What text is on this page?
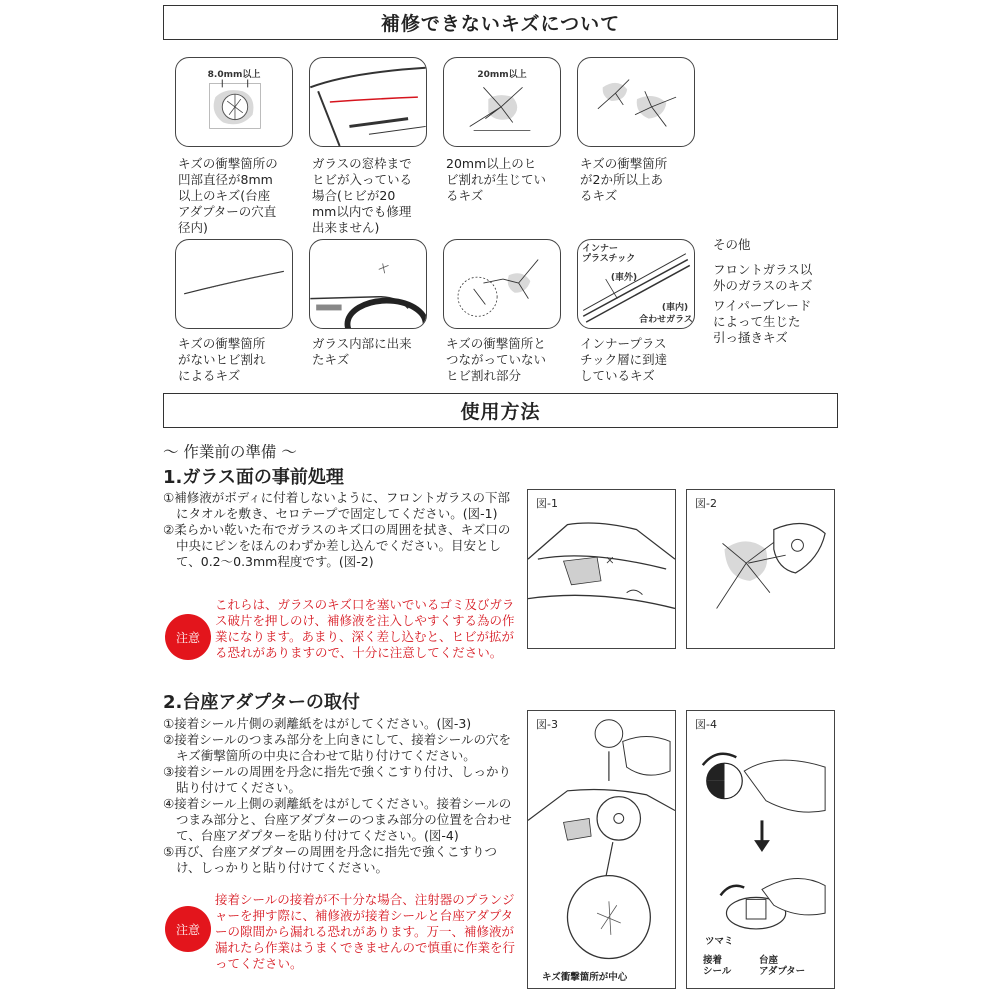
補修できないキズについて
8.0mm以上	20mm以上
キズの衝撃箇所の
凹部直径が8mm
以上のキズ(台座
アダプターの穴直
径内)
ガラスの窓枠まで
ヒビが入っている
場合(ヒビが20
mm以内でも修理
出来ません)
20mm以上のヒ
ビ割れが生じてい
るキズ
キズの衝撃箇所
が2か所以上あ
るキズ
インナー
プラスチック
(車外)
(車内)
合わせガラス
キズの衝撃箇所
がないヒビ割れ
によるキズ
ガラス内部に出来
たキズ
キズの衝撃箇所と
つながっていない
ヒビ割れ部分
インナープラス
チック層に到達
しているキズ
その他
フロントガラス以
外のガラスのキズ
ワイパーブレード
によって生じた
引っ掻きキズ
使用方法
〜 作業前の準備 〜
1.ガラス面の事前処理
①補修液がボディに付着しないように、フロントガラスの下部にタオルを敷き、セロテープで固定してください。(図-1)
②柔らかい乾いた布でガラスのキズ口の周囲を拭き、キズ口の中央にピンをほんのわずか差し込んでください。目安として、0.2〜0.3mm程度です。(図-2)
注意
これらは、ガラスのキズ口を塞いでいるゴミ及びガラス破片を押しのけ、補修液を注入しやすくする為の作業になります。あまり、深く差し込むと、ヒビが拡がる恐れがありますので、十分に注意してください。
2.台座アダプターの取付
①接着シール片側の剥離紙をはがしてください。(図-3)
②接着シールのつまみ部分を上向きにして、接着シールの穴をキズ衝撃箇所の中央に合わせて貼り付けてください。
③接着シールの周囲を丹念に指先で強くこすり付け、しっかり貼り付けてください。
④接着シール上側の剥離紙をはがしてください。接着シールのつまみ部分と、台座アダプターのつまみ部分の位置を合わせて、台座アダプターを貼り付けてください。(図-4)
⑤再び、台座アダプターの周囲を丹念に指先で強くこすりつけ、しっかりと貼り付けてください。
注意
接着シールの接着が不十分な場合、注射器のプランジャーを押す際に、補修液が接着シールと台座アダプターの隙間から漏れる恐れがあります。万一、補修液が漏れたら作業はうまくできませんので慎重に作業を行ってください。
図-1	図-2
図-3
キズ衝撃箇所が中心
図-4
ツマミ
接着
シール
台座
アダプター
